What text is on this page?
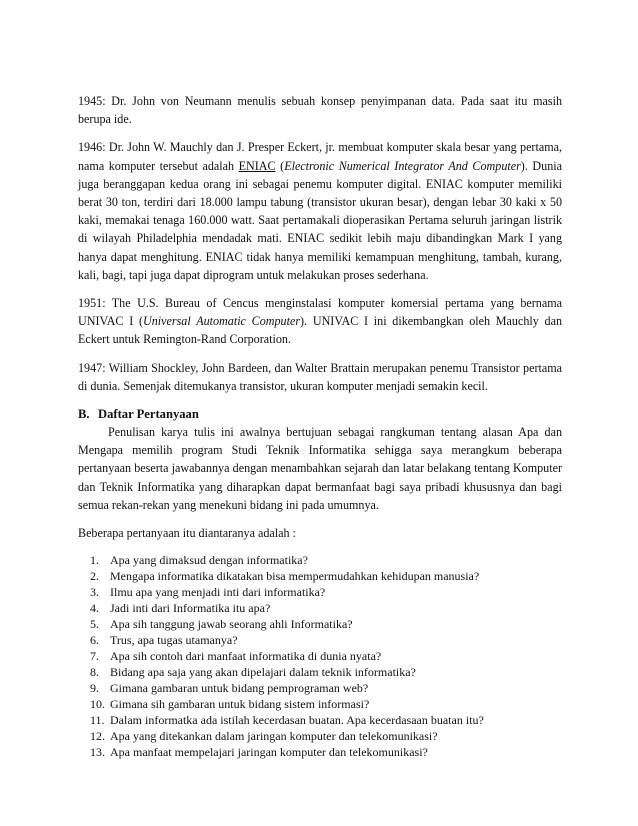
1945: Dr. John von Neumann menulis sebuah konsep penyimpanan data. Pada saat itu masih berupa ide.

1946: Dr. John W. Mauchly dan J. Presper Eckert, jr. membuat komputer skala besar yang pertama, nama komputer tersebut adalah ENIAC (Electronic Numerical Integrator And Computer). Dunia juga beranggapan kedua orang ini sebagai penemu komputer digital. ENIAC komputer memiliki berat 30 ton, terdiri dari 18.000 lampu tabung (transistor ukuran besar), dengan lebar 30 kaki x 50 kaki, memakai tenaga 160.000 watt. Saat pertamakali dioperasikan Pertama seluruh jaringan listrik di wilayah Philadelphia mendadak mati. ENIAC sedikit lebih maju dibandingkan Mark I yang hanya dapat menghitung. ENIAC tidak hanya memiliki kemampuan menghitung, tambah, kurang, kali, bagi, tapi juga dapat diprogram untuk melakukan proses sederhana.

1951: The U.S. Bureau of Cencus menginstalasi komputer komersial pertama yang bernama UNIVAC I (Universal Automatic Computer). UNIVAC I ini dikembangkan oleh Mauchly dan Eckert untuk Remington-Rand Corporation.

1947: William Shockley, John Bardeen, dan Walter Brattain merupakan penemu Transistor pertama di dunia. Semenjak ditemukanya transistor, ukuran komputer menjadi semakin kecil.

B. Daftar Pertanyaan

Penulisan karya tulis ini awalnya bertujuan sebagai rangkuman tentang alasan Apa dan Mengapa memilih program Studi Teknik Informatika sehigga saya merangkum beberapa pertanyaan beserta jawabannya dengan menambahkan sejarah dan latar belakang tentang Komputer dan Teknik Informatika yang diharapkan dapat bermanfaat bagi saya pribadi khususnya dan bagi semua rekan-rekan yang menekuni bidang ini pada umumnya.

Beberapa pertanyaan itu diantaranya adalah :

1. Apa yang dimaksud dengan informatika?
2. Mengapa informatika dikatakan bisa mempermudahkan kehidupan manusia?
3. Ilmu apa yang menjadi inti dari informatika?
4. Jadi inti dari Informatika itu apa?
5. Apa sih tanggung jawab seorang ahli Informatika?
6. Trus, apa tugas utamanya?
7. Apa sih contoh dari manfaat informatika di dunia nyata?
8. Bidang apa saja yang akan dipelajari dalam teknik informatika?
9. Gimana gambaran untuk bidang pemprograman web?
10. Gimana sih gambaran untuk bidang sistem informasi?
11. Dalam informatka ada istilah kecerdasan buatan. Apa kecerdasaan buatan itu?
12. Apa yang ditekankan dalam jaringan komputer dan telekomunikasi?
13. Apa manfaat mempelajari jaringan komputer dan telekomunikasi?
